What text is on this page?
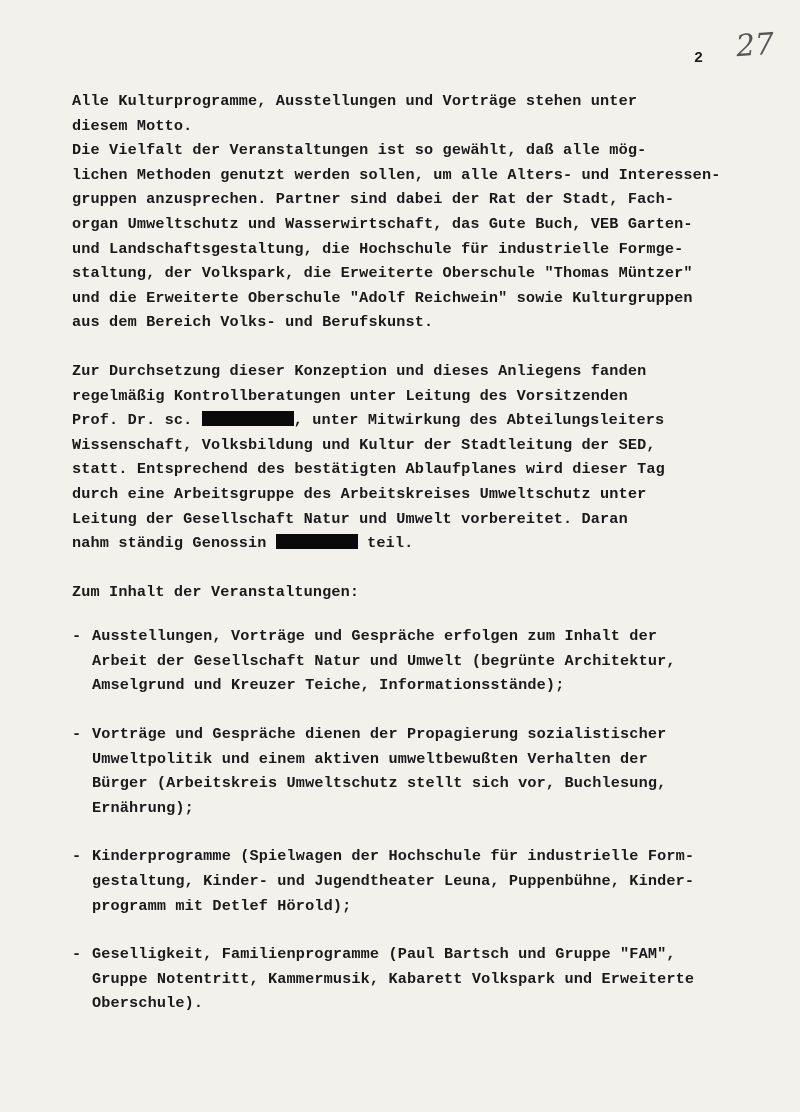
27
2
Alle Kulturprogramme, Ausstellungen und Vorträge stehen unter
diesem Motto.
Die Vielfalt der Veranstaltungen ist so gewählt, daß alle mög-
lichen Methoden genutzt werden sollen, um alle Alters- und Interessen-
gruppen anzusprechen. Partner sind dabei der Rat der Stadt, Fach-
organ Umweltschutz und Wasserwirtschaft, das Gute Buch, VEB Garten-
und Landschaftsgestaltung, die Hochschule für industrielle Formge-
staltung, der Volkspark, die Erweiterte Oberschule "Thomas Müntzer"
und die Erweiterte Oberschule "Adolf Reichwein" sowie Kulturgruppen
aus dem Bereich Volks- und Berufskunst.
Zur Durchsetzung dieser Konzeption und dieses Anliegens fanden
regelmäßig Kontrollberatungen unter Leitung des Vorsitzenden
Prof. Dr. sc.	, unter Mitwirkung des Abteilungsleiters
Wissenschaft, Volksbildung und Kultur der Stadtleitung der SED,
statt. Entsprechend des bestätigten Ablaufplanes wird dieser Tag
durch eine Arbeitsgruppe des Arbeitskreises Umweltschutz unter
Leitung der Gesellschaft Natur und Umwelt vorbereitet. Daran
nahm ständig Genossin	teil.
Zum Inhalt der Veranstaltungen:
- Ausstellungen, Vorträge und Gespräche erfolgen zum Inhalt der
Arbeit der Gesellschaft Natur und Umwelt (begrünte Architektur,
Amselgrund und Kreuzer Teiche, Informationsstände);
- Vorträge und Gespräche dienen der Propagierung sozialistischer
Umweltpolitik und einem aktiven umweltbewußten Verhalten der
Bürger (Arbeitskreis Umweltschutz stellt sich vor, Buchlesung,
Ernährung);
- Kinderprogramme (Spielwagen der Hochschule für industrielle Form-
gestaltung, Kinder- und Jugendtheater Leuna, Puppenbühne, Kinder-
programm mit Detlef Hörold);
- Geselligkeit, Familienprogramme (Paul Bartsch und Gruppe "FAM",
Gruppe Notentritt, Kammermusik, Kabarett Volkspark und Erweiterte
Oberschule).
